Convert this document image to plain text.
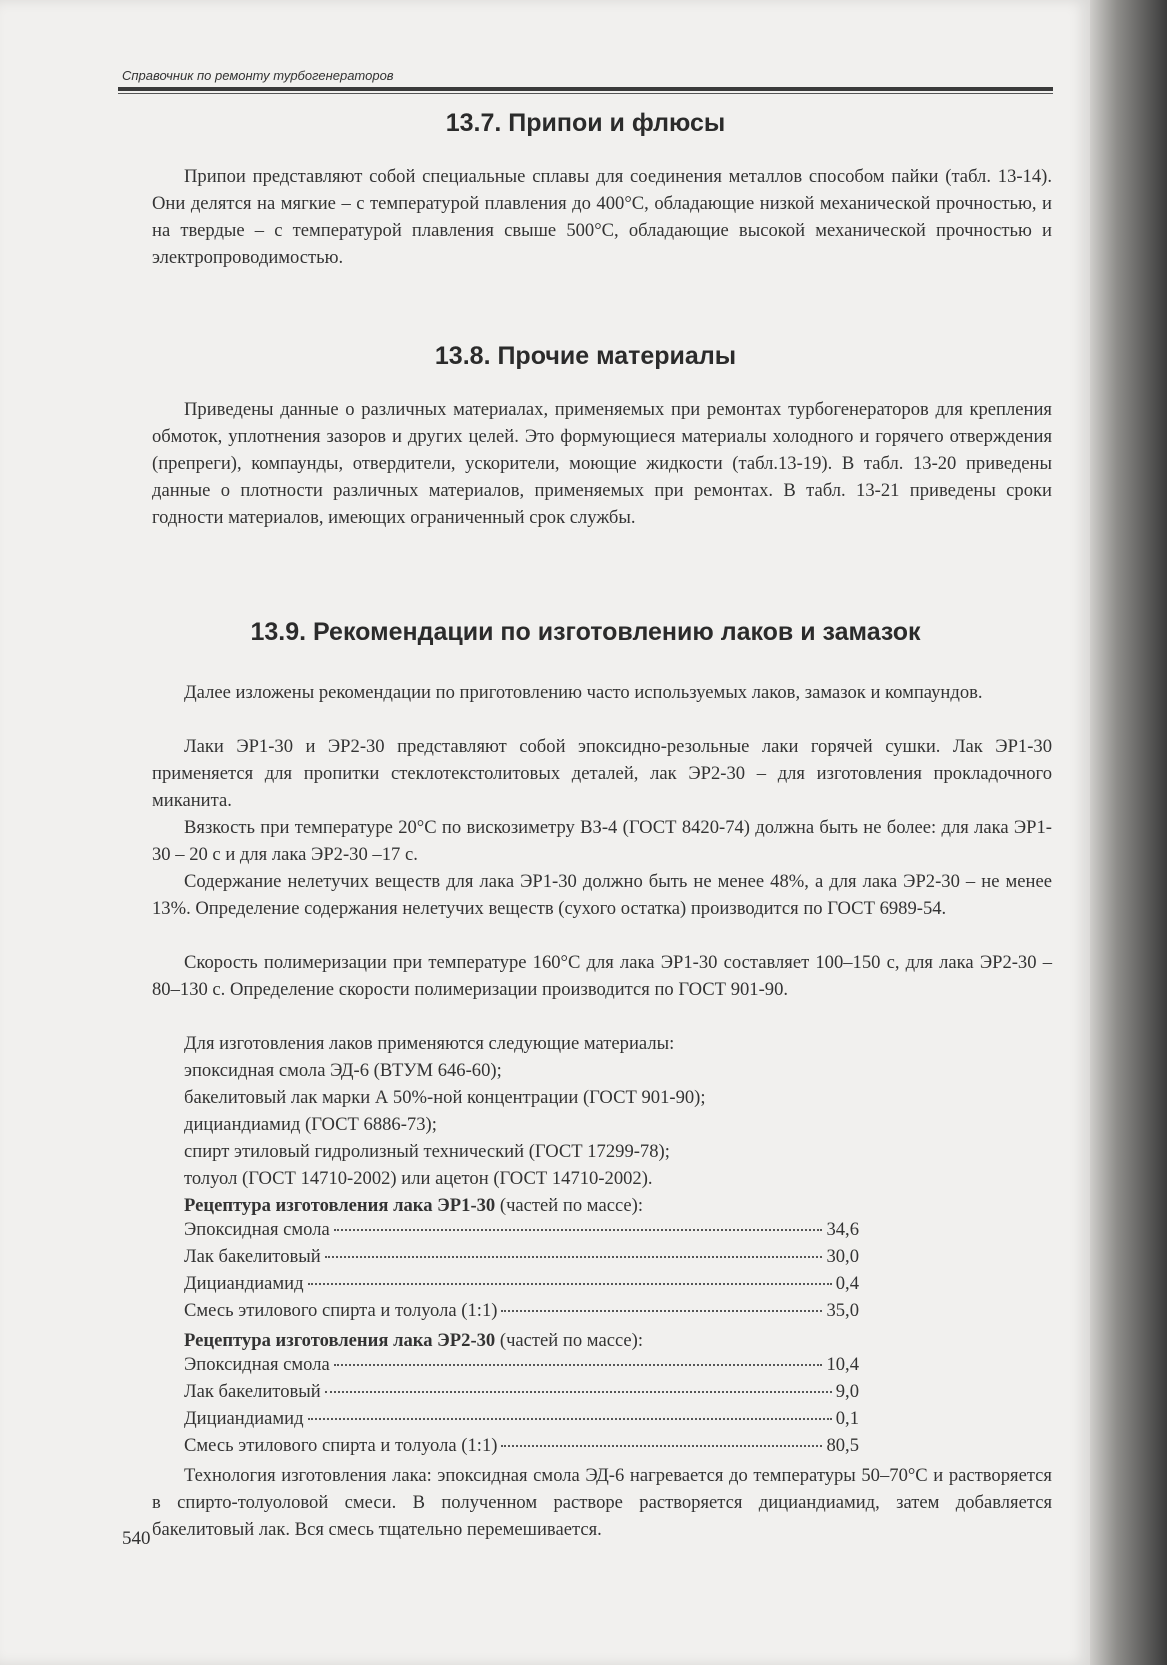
Справочник по ремонту турбогенераторов
13.7. Припои и флюсы

Припои представляют собой специальные сплавы для соединения металлов способом пайки (табл. 13-14). Они делятся на мягкие – с температурой плавления до 400°С, обладающие низкой механической прочностью, и на твердые – с температурой плавления свыше 500°С, обладающие высокой механической прочностью и электропроводимостью.

13.8. Прочие материалы

Приведены данные о различных материалах, применяемых при ремонтах турбогенераторов для крепления обмоток, уплотнения зазоров и других целей. Это формующиеся материалы холодного и горячего отверждения (препреги), компаунды, отвердители, ускорители, моющие жидкости (табл.13-19). В табл. 13-20 приведены данные о плотности различных материалов, применяемых при ремонтах. В табл. 13-21 приведены сроки годности материалов, имеющих ограниченный срок службы.

13.9. Рекомендации по изготовлению лаков и замазок

Далее изложены рекомендации по приготовлению часто используемых лаков, замазок и компаундов.

Лаки ЭР1-30 и ЭР2-30 представляют собой эпоксидно-резольные лаки горячей сушки. Лак ЭР1-30 применяется для пропитки стеклотекстолитовых деталей, лак ЭР2-30 – для изготовления прокладочного миканита.

Вязкость при температуре 20°С по вискозиметру ВЗ-4 (ГОСТ 8420-74) должна быть не более: для лака ЭР1-30 – 20 с и для лака ЭР2-30 –17 с.

Содержание нелетучих веществ для лака ЭР1-30 должно быть не менее 48%, а для лака ЭР2-30 – не менее 13%. Определение содержания нелетучих веществ (сухого остатка) производится по ГОСТ 6989-54.

Скорость полимеризации при температуре 160°С для лака ЭР1-30 составляет 100–150 с, для лака ЭР2-30 – 80–130 с. Определение скорости полимеризации производится по ГОСТ 901-90.

Для изготовления лаков применяются следующие материалы:

эпоксидная смола ЭД-6 (ВТУМ 646-60);

бакелитовый лак марки А 50%-ной концентрации (ГОСТ 901-90);

дициандиамид (ГОСТ 6886-73);

спирт этиловый гидролизный технический (ГОСТ 17299-78);

толуол (ГОСТ 14710-2002) или ацетон (ГОСТ 14710-2002).

Рецептура изготовления лака ЭР1-30 (частей по массе):

Эпоксидная смола	34,6
Лак бакелитовый	30,0
Дициандиамид	0,4
Смесь этилового спирта и толуола (1:1)	35,0

Рецептура изготовления лака ЭР2-30 (частей по массе):

Эпоксидная смола	10,4
Лак бакелитовый	9,0
Дициандиамид	0,1
Смесь этилового спирта и толуола (1:1)	80,5

Технология изготовления лака: эпоксидная смола ЭД-6 нагревается до температуры 50–70°С и растворяется в спирто-толуоловой смеси. В полученном растворе растворяется дициандиамид, затем добавляется бакелитовый лак. Вся смесь тщательно перемешивается.

540
